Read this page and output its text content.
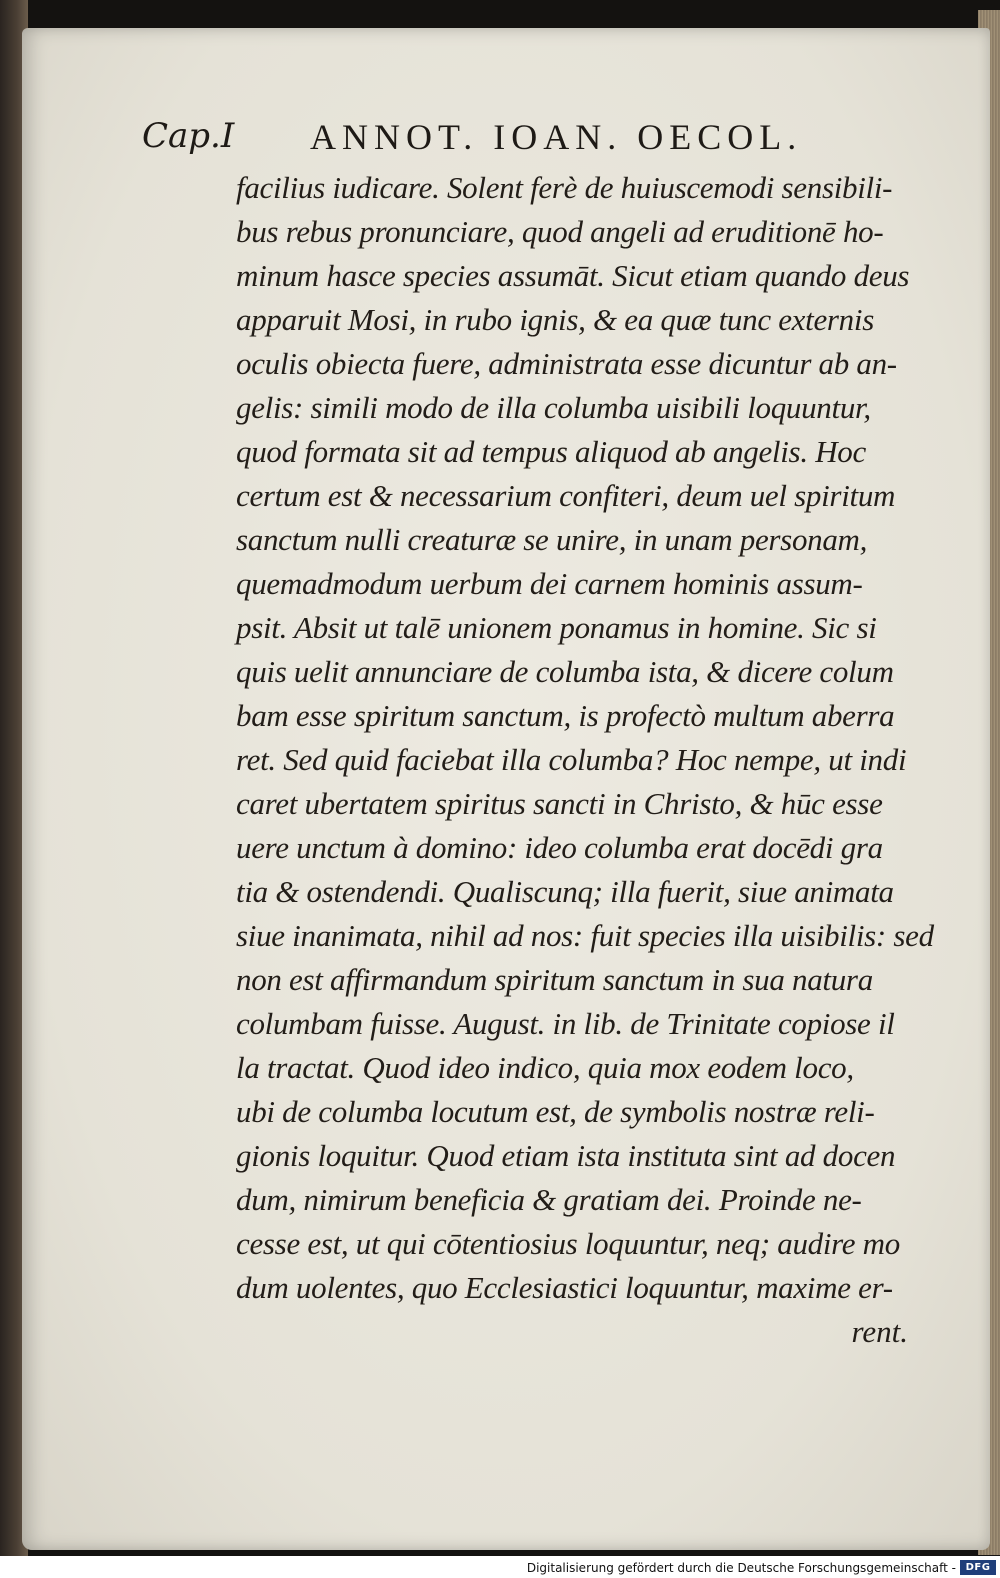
Cap.I ANNOT. IOAN. OECOL.
facilius iudicare. Solent ferè de huiuscemodi sensibili-
bus rebus pronunciare, quod angeli ad eruditionē ho-
minum hasce species assumāt. Sicut etiam quando deus
apparuit Mosi, in rubo ignis, & ea quæ tunc externis
oculis obiecta fuere, administrata esse dicuntur ab an-
gelis: simili modo de illa columba uisibili loquuntur,
quod formata sit ad tempus aliquod ab angelis. Hoc
certum est & necessarium confiteri, deum uel spiritum
sanctum nulli creaturæ se unire, in unam personam,
quemadmodum uerbum dei carnem hominis assum-
psit. Absit ut talē unionem ponamus in homine. Sic si
quis uelit annunciare de columba ista, & dicere colum
bam esse spiritum sanctum, is profectò multum aberra
ret. Sed quid faciebat illa columba? Hoc nempe, ut indi
caret ubertatem spiritus sancti in Christo, & hūc esse
uere unctum à domino: ideo columba erat docēdi gra
tia & ostendendi. Qualiscunq; illa fuerit, siue animata
siue inanimata, nihil ad nos: fuit species illa uisibilis: sed
non est affirmandum spiritum sanctum in sua natura
columbam fuisse. August. in lib. de Trinitate copiose il
la tractat. Quod ideo indico, quia mox eodem loco,
ubi de columba locutum est, de symbolis nostræ reli-
gionis loquitur. Quod etiam ista instituta sint ad docen
dum, nimirum beneficia & gratiam dei. Proinde ne-
cesse est, ut qui cōtentiosius loquuntur, neq; audire mo
dum uolentes, quo Ecclesiastici loquuntur, maxime er-
rent.
Digitalisierung gefördert durch die Deutsche Forschungsgemeinschaft - DFG
